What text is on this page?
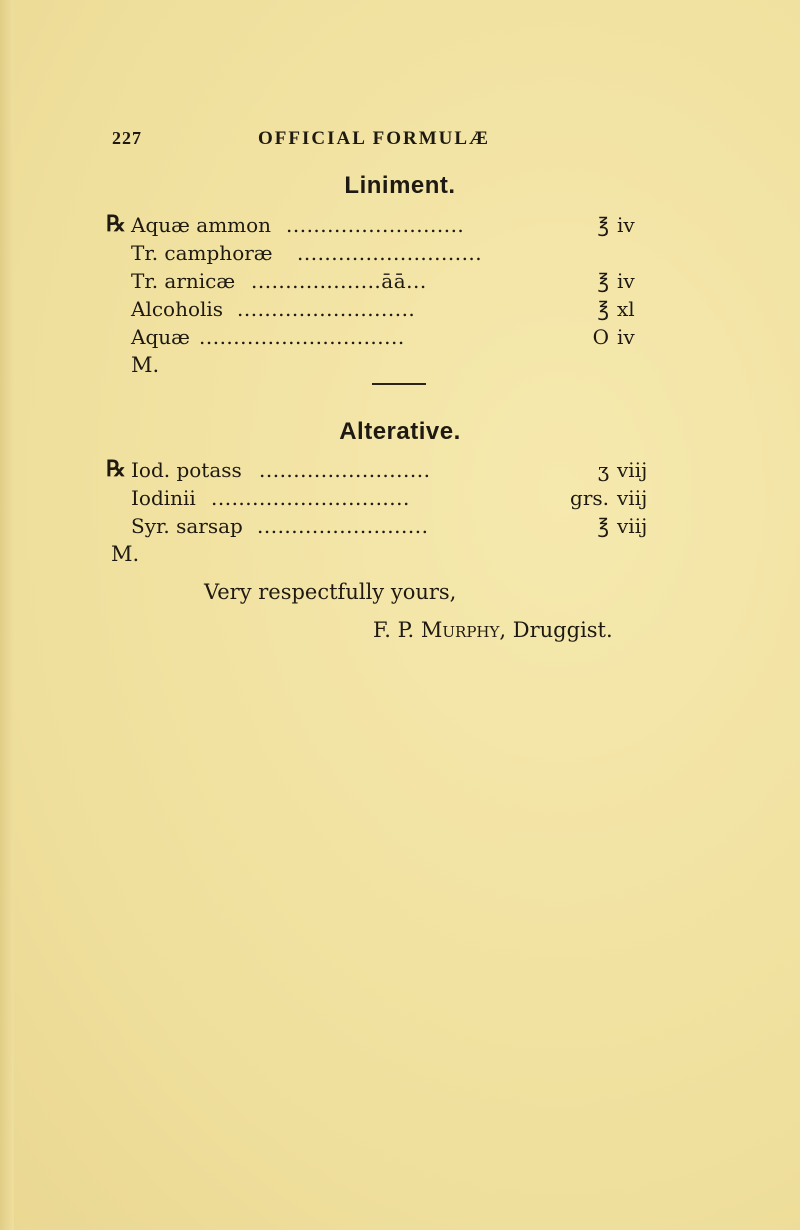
227	OFFICIAL FORMULÆ
Liniment.
℞ Aquæ ammon ..........................	℥ iv
Tr. camphoræ ...........................
Tr. arnicæ ...................āā...	℥ iv
Alcoholis ..........................	℥ xl
Aquæ ..............................	O iv
M.
Alterative.
℞ Iod. potass .........................	ʒ viij
Iodinii .............................	grs. viij
Syr. sarsap .........................	℥ viij
M.
Very respectfully yours,
F. P. Murphy, Druggist.
